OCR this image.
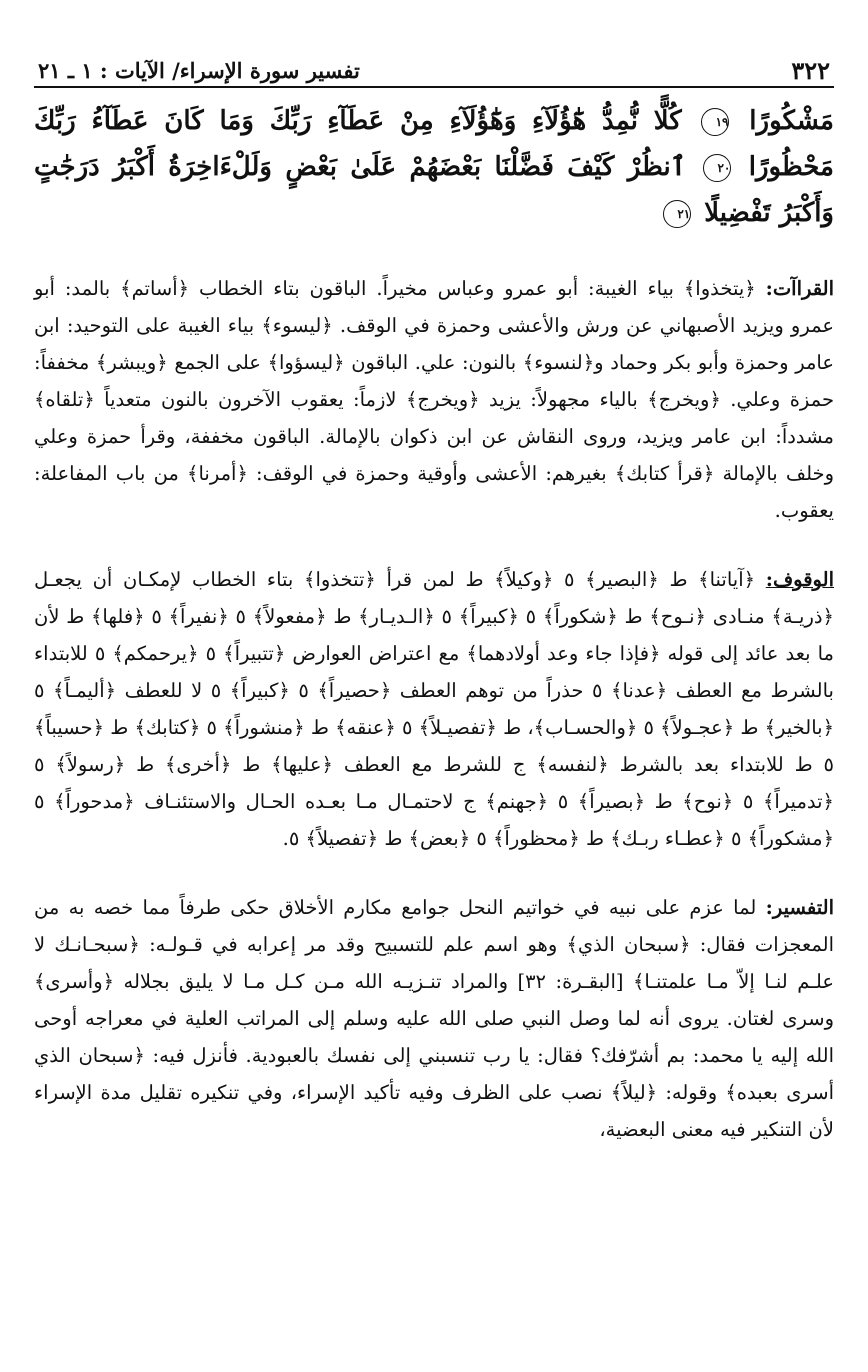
٣٢٢
تفسير سورة الإسراء/ الآيات : ١ ـ ٢١
مَشْكُورًا ١٩ كُلًّا نُّمِدُّ هَٰٓؤُلَآءِ وَهَٰٓؤُلَآءِ مِنْ عَطَآءِ رَبِّكَ وَمَا كَانَ عَطَآءُ رَبِّكَ مَحْظُورًا ٢٠ ٱنظُرْ كَيْفَ فَضَّلْنَا بَعْضَهُمْ عَلَىٰ بَعْضٍ وَلَلْءَاخِرَةُ أَكْبَرُ دَرَجَٰتٍ وَأَكْبَرُ تَفْضِيلًا ٢١

القراآت: ﴿يتخذوا﴾ بياء الغيبة: أبو عمرو وعباس مخيراً. الباقون بتاء الخطاب ﴿أساتم﴾ بالمد: أبو عمرو ويزيد الأصبهاني عن ورش والأعشى وحمزة في الوقف. ﴿ليسوء﴾ بياء الغيبة على التوحيد: ابن عامر وحمزة وأبو بكر وحماد و﴿لنسوء﴾ بالنون: علي. الباقون ﴿ليسؤوا﴾ على الجمع ﴿ويبشر﴾ مخففاً: حمزة وعلي. ﴿ويخرج﴾ بالياء مجهولاً: يزيد ﴿ويخرج﴾ لازماً: يعقوب الآخرون بالنون متعدياً ﴿تلقاه﴾ مشدداً: ابن عامر ويزيد، وروى النقاش عن ابن ذكوان بالإمالة. الباقون مخففة، وقرأ حمزة وعلي وخلف بالإمالة ﴿قرأ كتابك﴾ بغيرهم: الأعشى وأوقية وحمزة في الوقف: ﴿أمرنا﴾ من باب المفاعلة: يعقوب.

الوقوف: ﴿آياتنا﴾ ط ﴿البصير﴾ ٥ ﴿وكيلاً﴾ ط لمن قرأ ﴿تتخذوا﴾ بتاء الخطاب لإمكـان أن يجعـل ﴿ذريـة﴾ منـادى ﴿نـوح﴾ ط ﴿شكوراً﴾ ٥ ﴿كبيراً﴾ ٥ ﴿الـديـار﴾ ط ﴿مفعولاً﴾ ٥ ﴿نفيراً﴾ ٥ ﴿فلها﴾ ط لأن ما بعد عائد إلى قوله ﴿فإذا جاء وعد أولادهما﴾ مع اعتراض العوارض ﴿تتبيراً﴾ ٥ ﴿يرحمكم﴾ ٥ للابتداء بالشرط مع العطف ﴿عدنا﴾ ٥ حذراً من توهم العطف ﴿حصيراً﴾ ٥ ﴿كبيراً﴾ ٥ لا للعطف ﴿أليمـاً﴾ ٥ ﴿بالخير﴾ ط ﴿عجـولاً﴾ ٥ ﴿والحسـاب﴾، ط ﴿تفصيـلاً﴾ ٥ ﴿عنقه﴾ ط ﴿منشوراً﴾ ٥ ﴿كتابك﴾ ط ﴿حسيباً﴾ ٥ ط للابتداء بعد بالشرط ﴿لنفسه﴾ ج للشرط مع العطف ﴿عليها﴾ ط ﴿أخرى﴾ ط ﴿رسولاً﴾ ٥ ﴿تدميراً﴾ ٥ ﴿نوح﴾ ط ﴿بصيراً﴾ ٥ ﴿جهنم﴾ ج لاحتمـال مـا بعـده الحـال والاستئنـاف ﴿مدحوراً﴾ ٥ ﴿مشكوراً﴾ ٥ ﴿عطـاء ربـك﴾ ط ﴿محظوراً﴾ ٥ ﴿بعض﴾ ط ﴿تفصيلاً﴾ ٥.

التفسير: لما عزم على نبيه في خواتيم النحل جوامع مكارم الأخلاق حكى طرفاً مما خصه به من المعجزات فقال: ﴿سبحان الذي﴾ وهو اسم علم للتسبيح وقد مر إعرابه في قـولـه: ﴿سبحـانـك لا علـم لنـا إلاّ مـا علمتنـا﴾ [البقـرة: ٣٢] والمراد تنـزيـه الله مـن كـل مـا لا يليق بجلاله ﴿وأسرى﴾ وسرى لغتان. يروى أنه لما وصل النبي صلى الله عليه وسلم إلى المراتب العلية في معراجه أوحى الله إليه يا محمد: بم أشرّفك؟ فقال: يا رب تنسبني إلى نفسك بالعبودية. فأنزل فيه: ﴿سبحان الذي أسرى بعبده﴾ وقوله: ﴿ليلاً﴾ نصب على الظرف وفيه تأكيد الإسراء، وفي تنكيره تقليل مدة الإسراء لأن التنكير فيه معنى البعضية،
